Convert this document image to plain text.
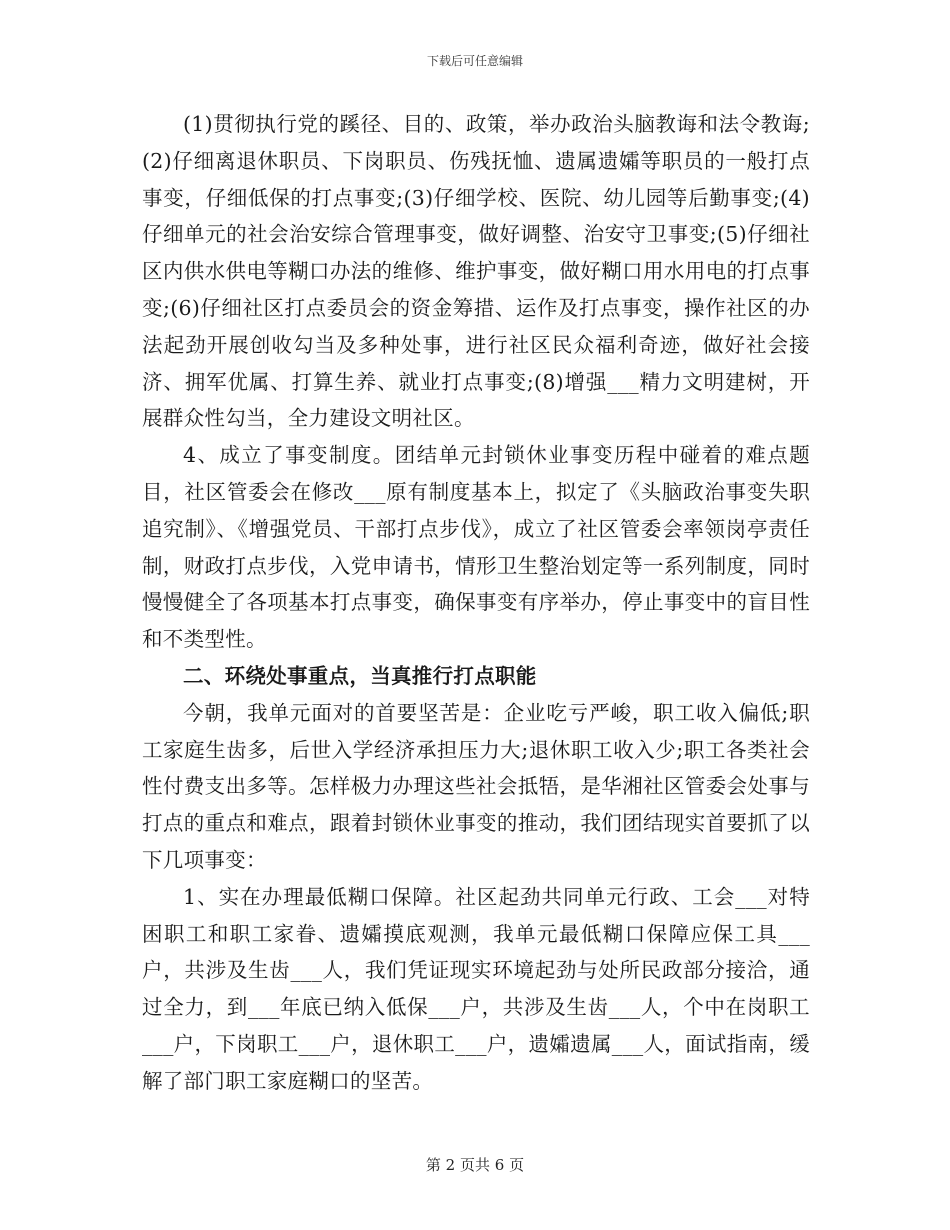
下载后可任意编辑

(1)贯彻执行党的蹊径、目的、政策，举办政治头脑教诲和法令教诲;(2)仔细离退休职员、下岗职员、伤残抚恤、遗属遗孀等职员的一般打点事变，仔细低保的打点事变;(3)仔细学校、医院、幼儿园等后勤事变;(4)仔细单元的社会治安综合管理事变，做好调整、治安守卫事变;(5)仔细社区内供水供电等糊口办法的维修、维护事变，做好糊口用水用电的打点事变;(6)仔细社区打点委员会的资金筹措、运作及打点事变，操作社区的办法起劲开展创收勾当及多种处事，进行社区民众福利奇迹，做好社会接济、拥军优属、打算生养、就业打点事变;(8)增强___精力文明建树，开展群众性勾当，全力建设文明社区。

4、成立了事变制度。团结单元封锁休业事变历程中碰着的难点题目，社区管委会在修改___原有制度基本上，拟定了《头脑政治事变失职追究制》、《增强党员、干部打点步伐》，成立了社区管委会率领岗亭责任制，财政打点步伐，入党申请书，情形卫生整治划定等一系列制度，同时慢慢健全了各项基本打点事变，确保事变有序举办，停止事变中的盲目性和不类型性。

二、环绕处事重点，当真推行打点职能

今朝，我单元面对的首要坚苦是：企业吃亏严峻，职工收入偏低;职工家庭生齿多，后世入学经济承担压力大;退休职工收入少;职工各类社会性付费支出多等。怎样极力办理这些社会抵牾，是华湘社区管委会处事与打点的重点和难点，跟着封锁休业事变的推动，我们团结现实首要抓了以下几项事变：

1、实在办理最低糊口保障。社区起劲共同单元行政、工会___对特困职工和职工家眷、遗孀摸底观测，我单元最低糊口保障应保工具___户，共涉及生齿___人，我们凭证现实环境起劲与处所民政部分接洽，通过全力，到___年底已纳入低保___户，共涉及生齿___人，个中在岗职工___户，下岗职工___户，退休职工___户，遗孀遗属___人，面试指南，缓解了部门职工家庭糊口的坚苦。

第 2 页共 6 页
